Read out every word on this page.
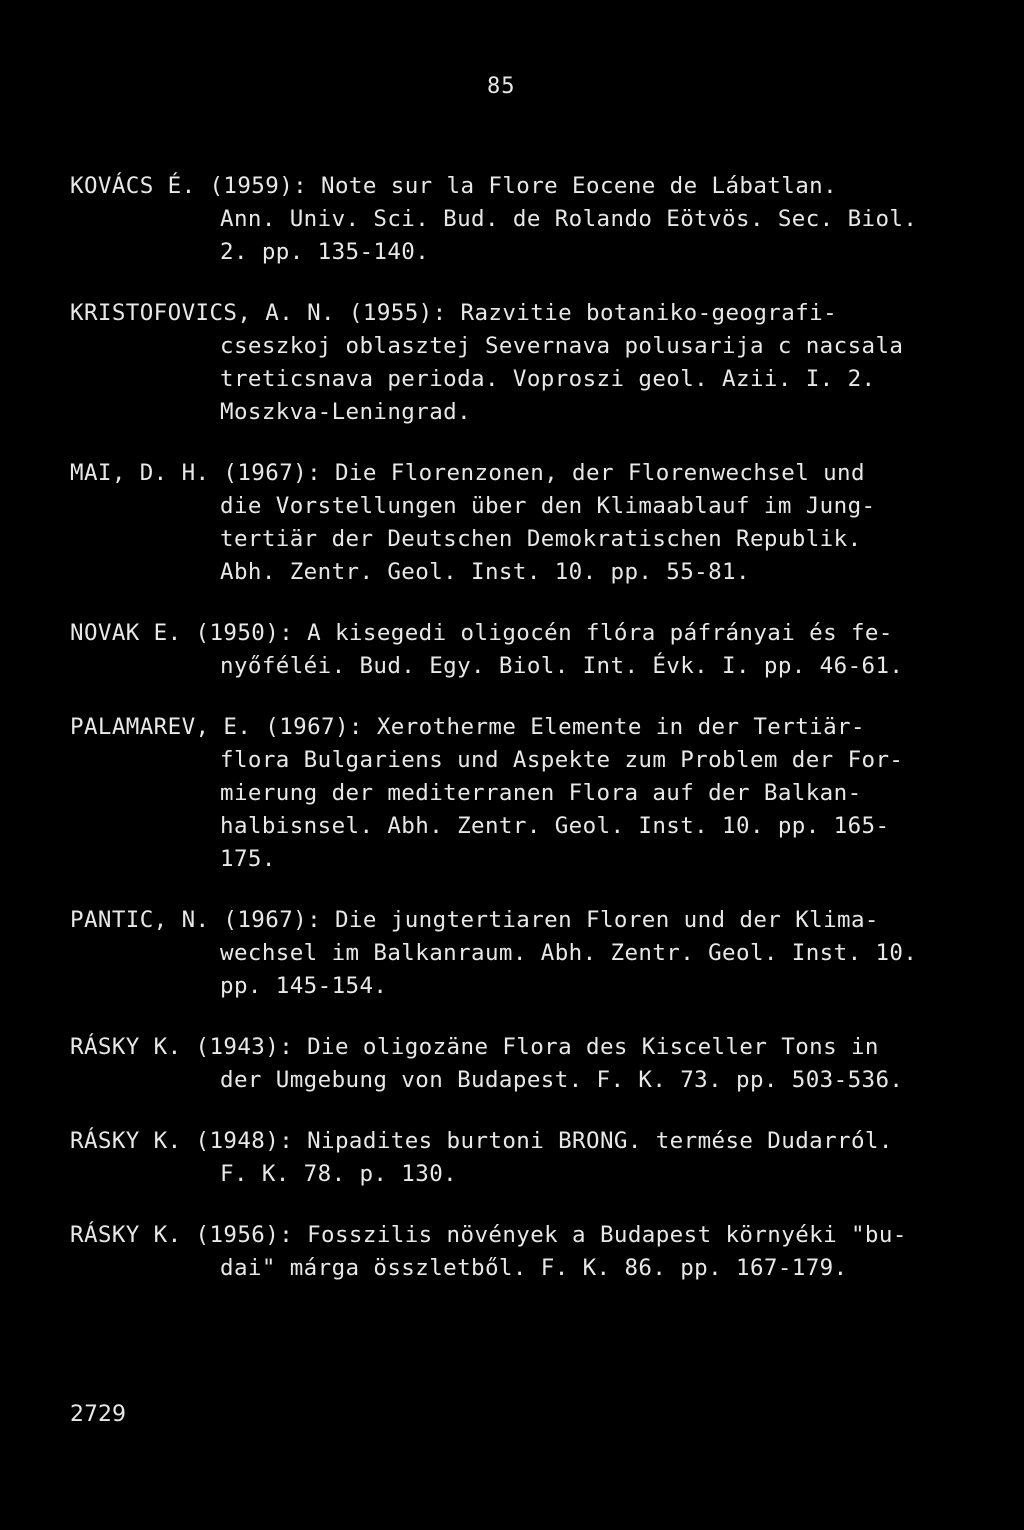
85
KOVÁCS É. (1959): Note sur la Flore Eocene de Lábatlan.
Ann. Univ. Sci. Bud. de Rolando Eötvös. Sec. Biol.
2. pp. 135-140.
KRISTOFOVICS, A. N. (1955): Razvitie botaniko-geografi-
cseszkoj oblasztej Severnava polusarija c nacsala
treticsnava perioda. Voproszi geol. Azii. I. 2.
Moszkva-Leningrad.
MAI, D. H. (1967): Die Florenzonen, der Florenwechsel und
die Vorstellungen über den Klimaablauf im Jung-
tertiär der Deutschen Demokratischen Republik.
Abh. Zentr. Geol. Inst. 10. pp. 55-81.
NOVAK E. (1950): A kisegedi oligocén flóra páfrányai és fe-
nyőféléi. Bud. Egy. Biol. Int. Évk. I. pp. 46-61.
PALAMAREV, E. (1967): Xerotherme Elemente in der Tertiär-
flora Bulgariens und Aspekte zum Problem der For-
mierung der mediterranen Flora auf der Balkan-
halbisnsel. Abh. Zentr. Geol. Inst. 10. pp. 165-
175.
PANTIC, N. (1967): Die jungtertiaren Floren und der Klima-
wechsel im Balkanraum. Abh. Zentr. Geol. Inst. 10.
pp. 145-154.
RÁSKY K. (1943): Die oligozäne Flora des Kisceller Tons in
der Umgebung von Budapest. F. K. 73. pp. 503-536.
RÁSKY K. (1948): Nipadites burtoni BRONG. termése Dudarról.
F. K. 78. p. 130.
RÁSKY K. (1956): Fosszilis növények a Budapest környéki "bu-
dai" márga összletből. F. K. 86. pp. 167-179.
2729
